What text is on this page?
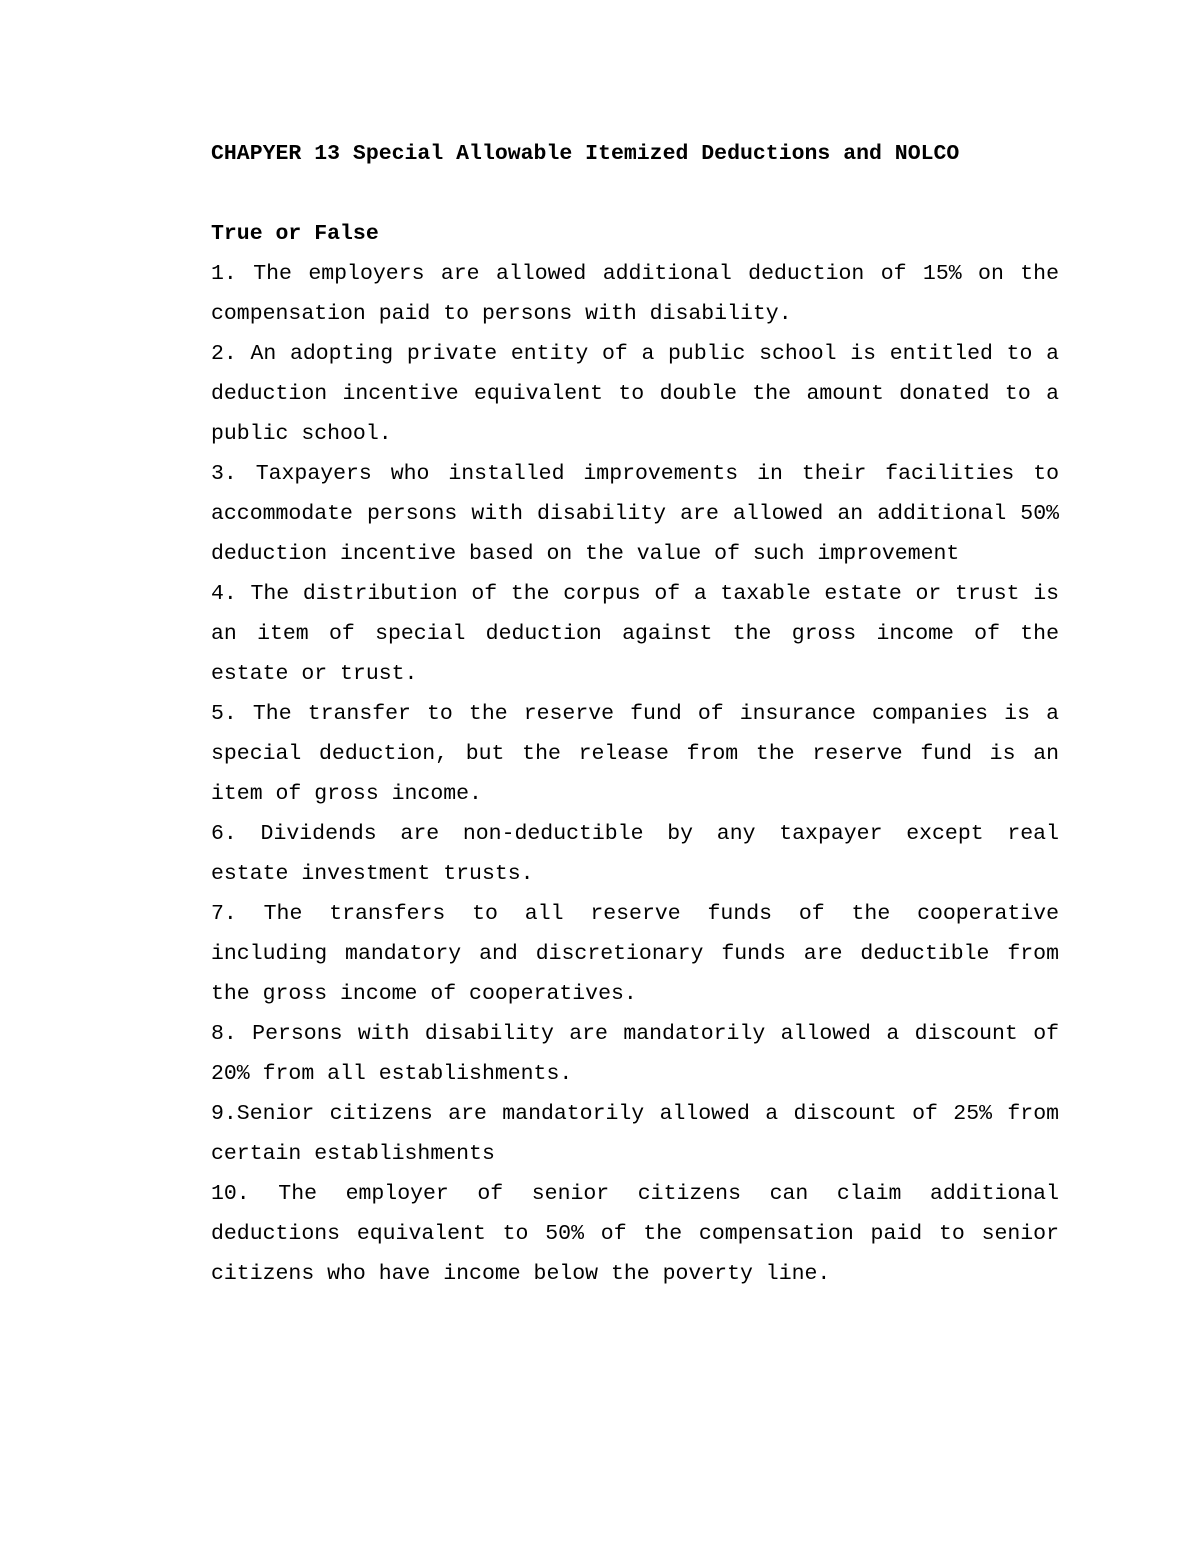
CHAPYER 13 Special Allowable Itemized Deductions and NOLCO

True or False

1. The employers are allowed additional deduction of 15% on the compensation paid to persons with disability.

2. An adopting private entity of a public school is entitled to a deduction incentive equivalent to double the amount donated to a public school.

3. Taxpayers who installed improvements in their facilities to accommodate persons with disability are allowed an additional 50% deduction incentive based on the value of such improvement

4. The distribution of the corpus of a taxable estate or trust is an item of special deduction against the gross income of the estate or trust.

5. The transfer to the reserve fund of insurance companies is a special deduction, but the release from the reserve fund is an item of gross income.

6. Dividends are non-deductible by any taxpayer except real estate investment trusts.

7. The transfers to all reserve funds of the cooperative including mandatory and discretionary funds are deductible from the gross income of cooperatives.

8. Persons with disability are mandatorily allowed a discount of 20% from all establishments.

9.Senior citizens are mandatorily allowed a discount of 25% from certain establishments

10. The employer of senior citizens can claim additional deductions equivalent to 50% of the compensation paid to senior citizens who have income below the poverty line.
